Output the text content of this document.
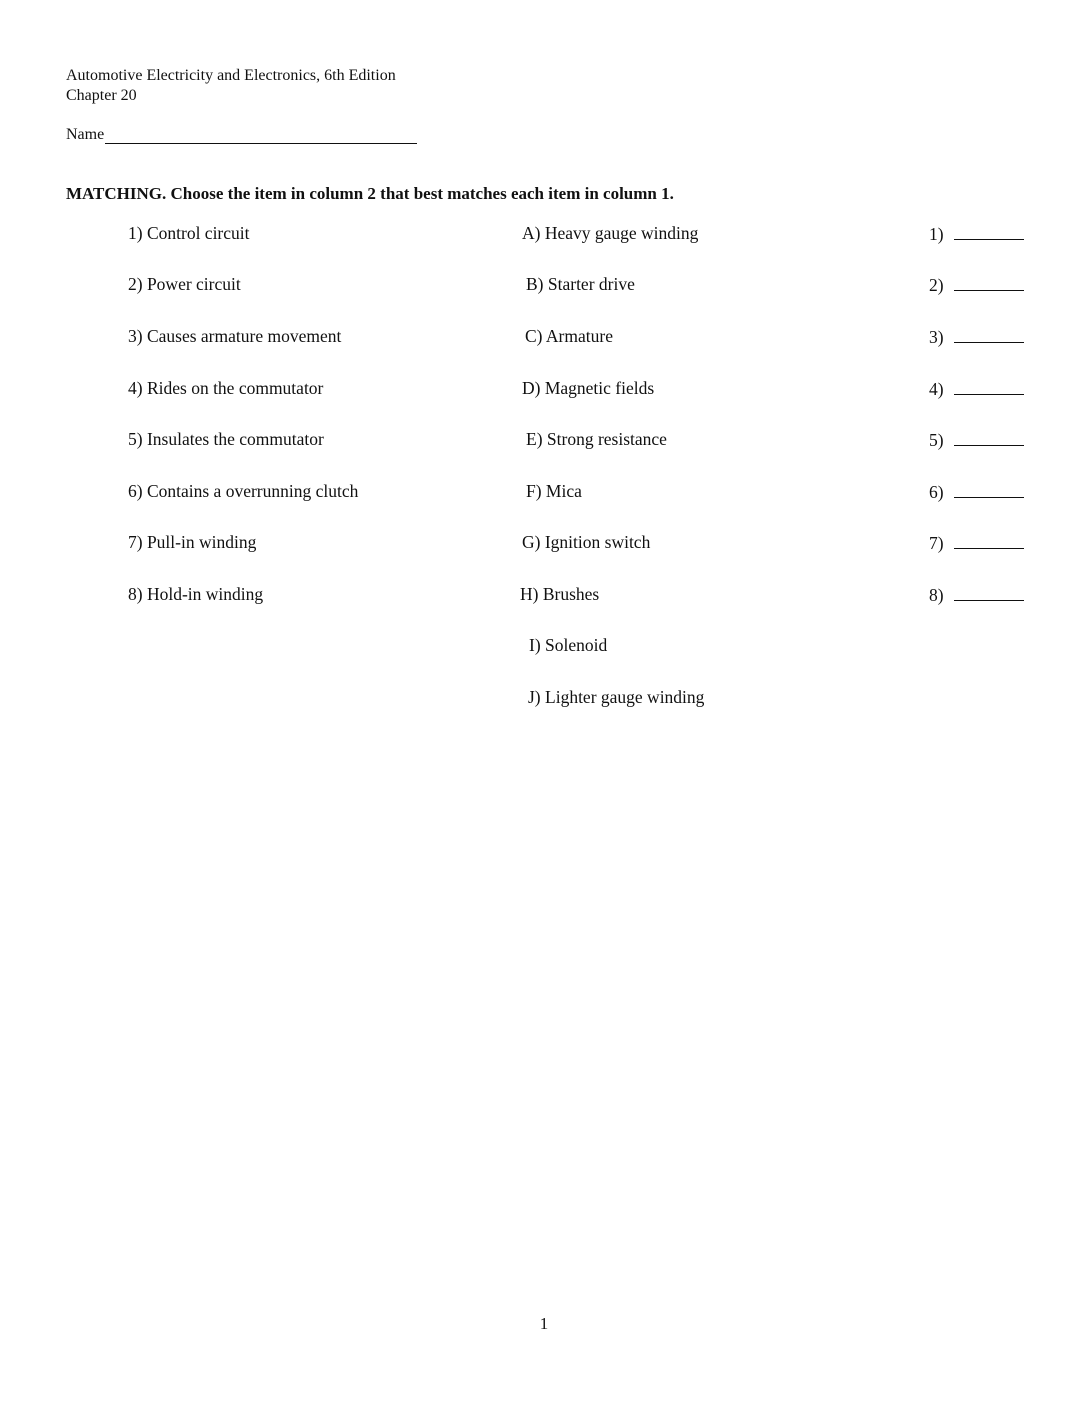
Automotive Electricity and Electronics, 6th Edition
Chapter 20
Name
MATCHING. Choose the item in column 2 that best matches each item in column 1.
1) Control circuit
2) Power circuit
3) Causes armature movement
4) Rides on the commutator
5) Insulates the commutator
6) Contains a overrunning clutch
7) Pull-in winding
8) Hold-in winding
A) Heavy gauge winding
B) Starter drive
C) Armature
D) Magnetic fields
E) Strong resistance
F) Mica
G) Ignition switch
H) Brushes
I) Solenoid
J) Lighter gauge winding
1)
2)
3)
4)
5)
6)
7)
8)
1
